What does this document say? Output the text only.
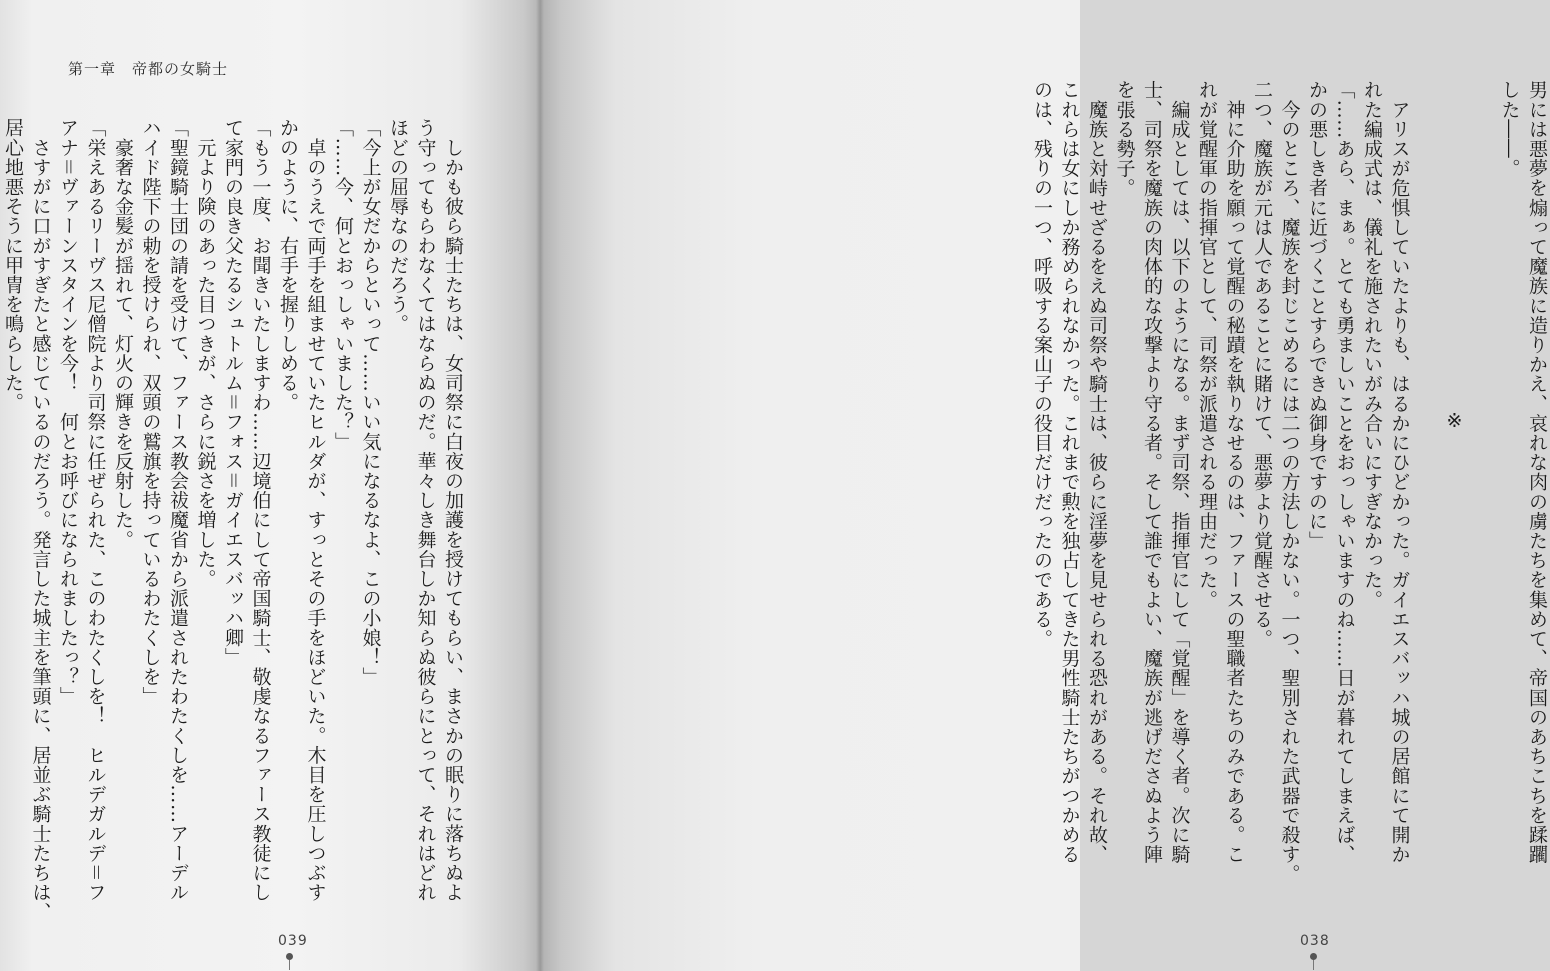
第一章　帝都の女騎士
　しかも彼ら騎士たちは、女司祭に白夜の加護を授けてもらい、まさかの眠りに落ちぬよ
う守ってもらわなくてはならぬのだ。華々しき舞台しか知らぬ彼らにとって、それはどれ
ほどの屈辱なのだろう。
「今上が女だからといって……いい気になるなよ、この小娘！」
「……今、何とおっしゃいました？」
　卓のうえで両手を組ませていたヒルダが、すっとその手をほどいた。木目を圧しつぶす
かのように、右手を握りしめる。
「もう一度、お聞きいたしますわ……辺境伯にして帝国騎士、敬虔なるファース教徒にし
て家門の良き父たるシュトルム＝フォス＝ガイエスバッハ卿」
　元より険のあった目つきが、さらに鋭さを増した。
「聖鏡騎士団の請を受けて、ファース教会祓魔省から派遣されたわたくしを……アーデル
ハイド陛下の勅を授けられ、双頭の鷲旗を持っているわたくしを」
　豪奢な金髪が揺れて、灯火の輝きを反射した。
「栄えあるリーヴス尼僧院より司祭に任ぜられた、このわたくしを！　ヒルデガルデ＝フ
アナ＝ヴァーンスタインを今！　何とお呼びになられましたっ？」
　さすがに口がすぎたと感じているのだろう。発言した城主を筆頭に、居並ぶ騎士たちは、
居心地悪そうに甲冑を鳴らした。
039
男には悪夢を煽って魔族に造りかえ、哀れな肉の虜たちを集めて、帝国のあちこちを蹂躙
した――。
※
　アリスが危惧していたよりも、はるかにひどかった。ガイエスバッハ城の居館にて開か
れた編成式は、儀礼を施されたいがみ合いにすぎなかった。
「……あら、まぁ。とても勇ましいことをおっしゃいますのね……日が暮れてしまえば、
かの悪しき者に近づくことすらできぬ御身ですのに」
　今のところ、魔族を封じこめるには二つの方法しかない。一つ、聖別された武器で殺す。
二つ、魔族が元は人であることに賭けて、悪夢より覚醒させる。
　神に介助を願って覚醒の秘蹟を執りなせるのは、ファースの聖職者たちのみである。こ
れが覚醒軍の指揮官として、司祭が派遣される理由だった。
　編成としては、以下のようになる。まず司祭、指揮官にして「覚醒」を導く者。次に騎
士、司祭を魔族の肉体的な攻撃より守る者。そして誰でもよい、魔族が逃げださぬよう陣
を張る勢子。
　魔族と対峙せざるをえぬ司祭や騎士は、彼らに淫夢を見せられる恐れがある。それ故、
これらは女にしか務められなかった。これまで勲を独占してきた男性騎士たちがつかめる
のは、残りの一つ、呼吸する案山子の役目だけだったのである。
038
